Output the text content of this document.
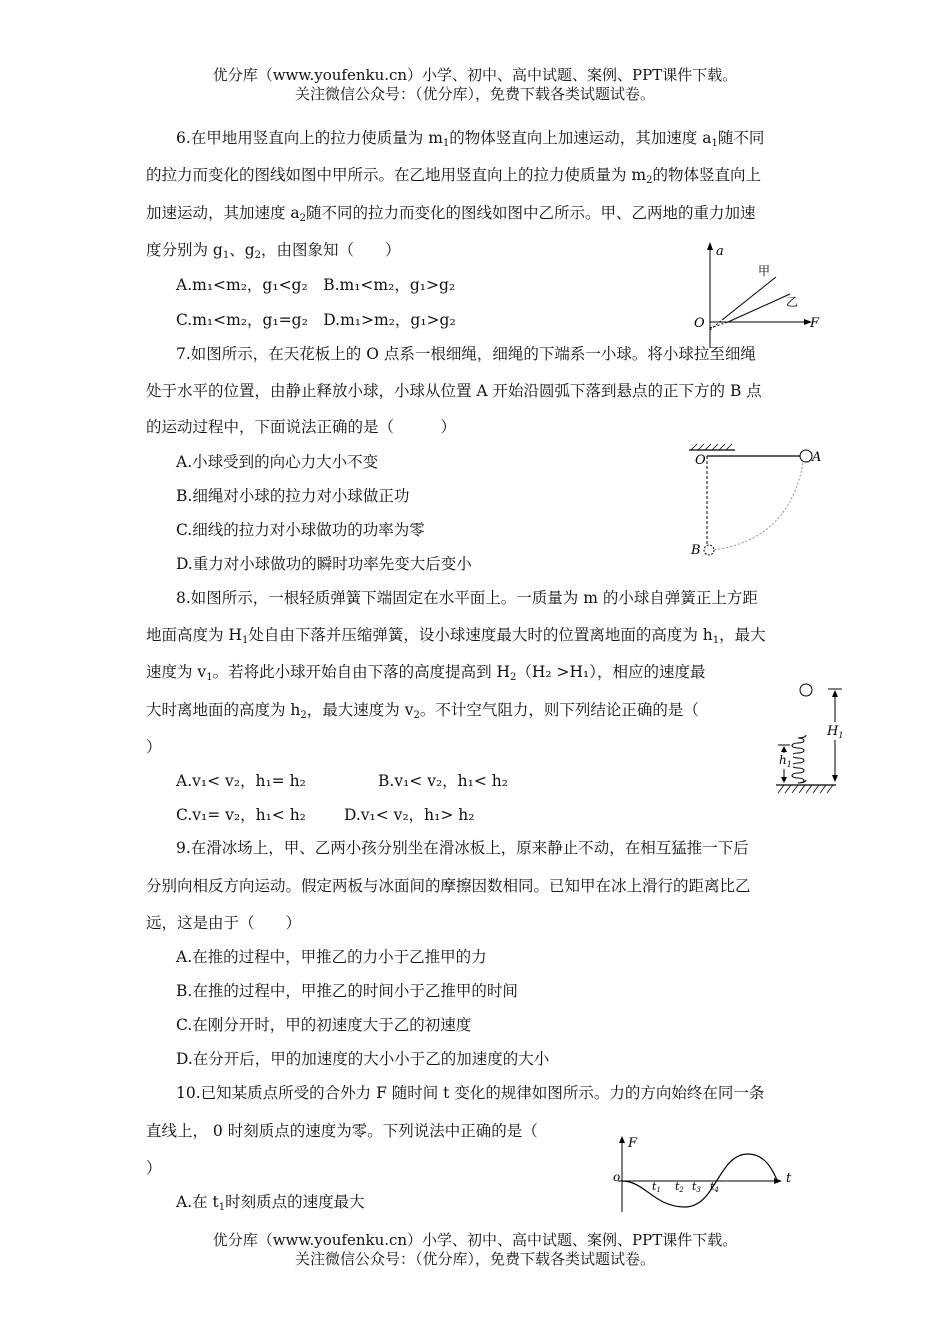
优分库（www.youfenku.cn）小学、初中、高中试题、案例、PPT课件下载。
关注微信公众号：（优分库），免费下载各类试题试卷。
6.在甲地用竖直向上的拉力使质量为 $m_1$的物体竖直向上加速运动，其加速度 $a_1$随不同
的拉力而变化的图线如图中甲所示。在乙地用竖直向上的拉力使质量为 $m_2$的物体竖直向上
加速运动，其加速度 $a_2$随不同的拉力而变化的图线如图中乙所示。甲、乙两地的重力加速
度分别为 $g_1$、$g_2$，由图象知（　　）
A.m₁<m₂，g₁<g₂　B.m₁<m₂，g₁>g₂
C.m₁<m₂，g₁=g₂　D.m₁>m₂，g₁>g₂
a
甲
乙
O	F
7.如图所示，在天花板上的 O 点系一根细绳，细绳的下端系一小球。将小球拉至细绳
处于水平的位置，由静止释放小球，小球从位置 A 开始沿圆弧下落到悬点的正下方的 B 点
的运动过程中，下面说法正确的是（　　　）
A.小球受到的向心力大小不变
B.细绳对小球的拉力对小球做正功
C.细线的拉力对小球做功的功率为零
D.重力对小球做功的瞬时功率先变大后变小
O	A
B
8.如图所示，一根轻质弹簧下端固定在水平面上。一质量为 m 的小球自弹簧正上方距
地面高度为 $H_1$处自由下落并压缩弹簧，设小球速度最大时的位置离地面的高度为 $h_1$，最大
速度为 $v_1$。若将此小球开始自由下落的高度提高到 $H_2(H_2 >H_1)$，相应的速度最
大时离地面的高度为 $h_2$，最大速度为 $v_2$。不计空气阻力，则下列结论正确的是（
）
A.v₁< v₂，h₁= h₂	B.v₁< v₂，h₁< h₂
C.v₁= v₂，h₁< h₂ D.v₁< v₂，h₁> h₂
$H_1$
$h_1$
9.在滑冰场上，甲、乙两小孩分别坐在滑冰板上，原来静止不动，在相互猛推一下后
分别向相反方向运动。假定两板与冰面间的摩擦因数相同。已知甲在冰上滑行的距离比乙
远，这是由于（　　）
A.在推的过程中，甲推乙的力小于乙推甲的力
B.在推的过程中，甲推乙的时间小于乙推甲的时间
C.在刚分开时，甲的初速度大于乙的初速度
D.在分开后，甲的加速度的大小小于乙的加速度的大小
10.已知某质点所受的合外力 F 随时间 t 变化的规律如图所示。力的方向始终在同一条
直线上， 0 时刻质点的速度为零。下列说法中正确的是（
）
A.在 $t_1$时刻质点的速度最大
F
o	t
t1 t2 t3 t4
优分库（www.youfenku.cn）小学、初中、高中试题、案例、PPT课件下载。
关注微信公众号：（优分库），免费下载各类试题试卷。
